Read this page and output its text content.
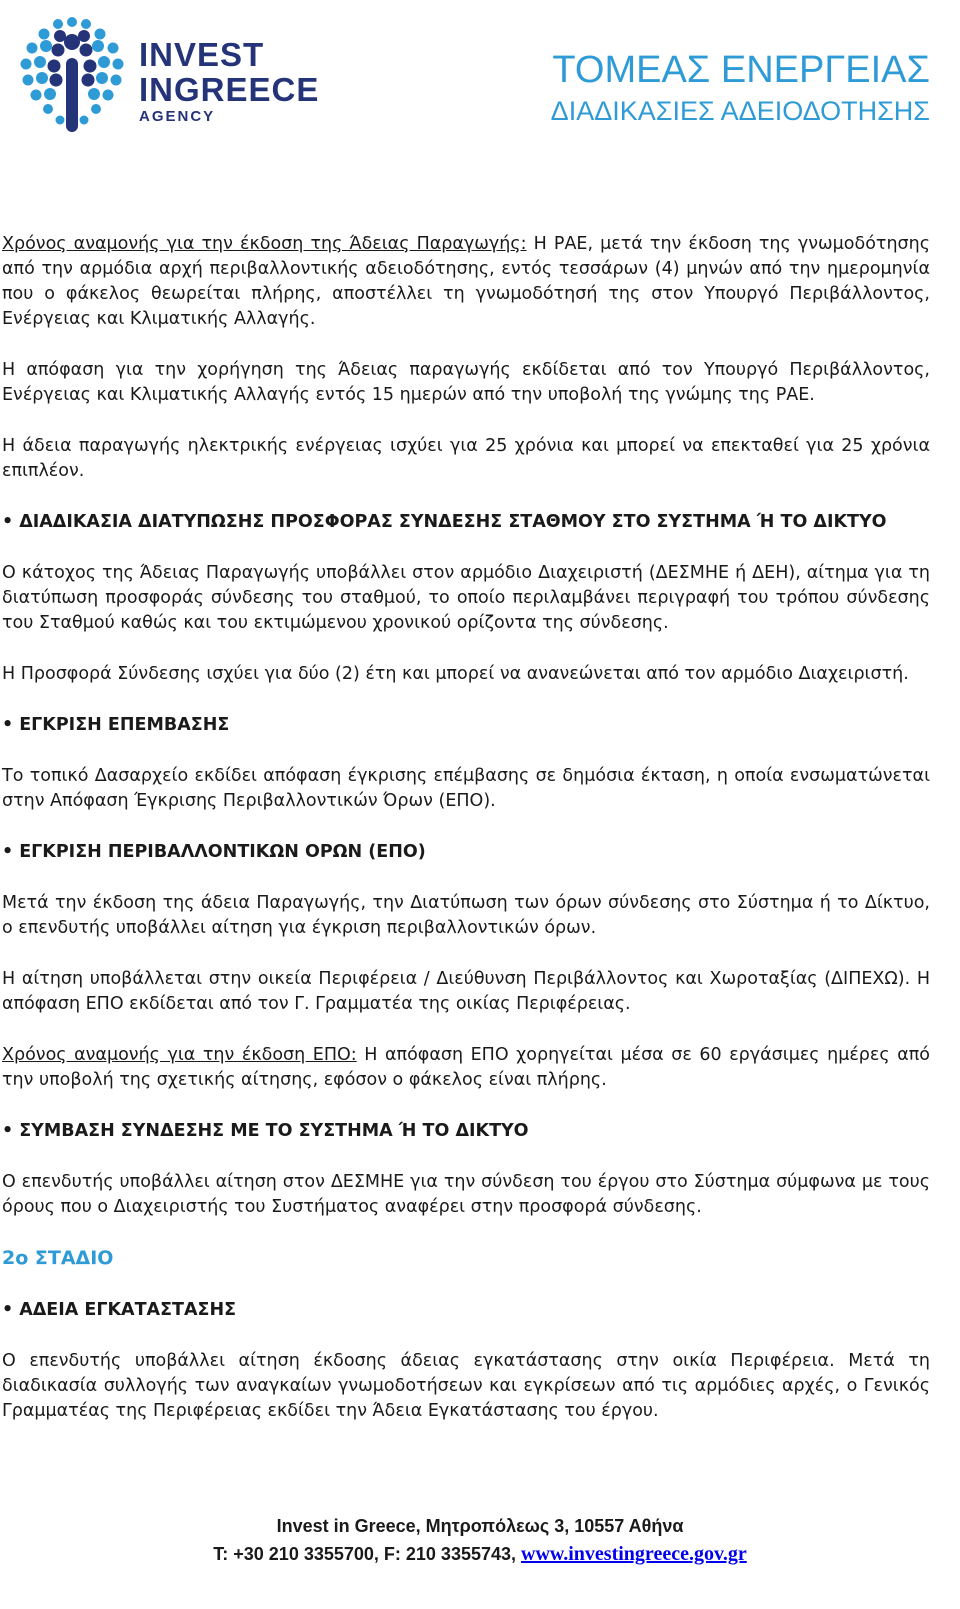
INVEST
INGREECE
AGENCY
ΤΟΜΕΑΣ ΕΝΕΡΓΕΙΑΣ
ΔΙΑΔΙΚΑΣΙΕΣ ΑΔΕΙΟΔΟΤΗΣΗΣ

Χρόνος αναμονής για την έκδοση της Άδειας Παραγωγής: Η ΡΑΕ, μετά την έκδοση της γνωμοδότησης από την αρμόδια αρχή περιβαλλοντικής αδειοδότησης, εντός τεσσάρων (4) μηνών από την ημερομηνία που ο φάκελος θεωρείται πλήρης, αποστέλλει τη γνωμοδότησή της στον Υπουργό Περιβάλλοντος, Ενέργειας και Κλιματικής Αλλαγής.

Η απόφαση για την χορήγηση της Άδειας παραγωγής εκδίδεται από τον Υπουργό Περιβάλλοντος, Ενέργειας και Κλιματικής Αλλαγής εντός 15 ημερών από την υποβολή της γνώμης της ΡΑΕ.

Η άδεια παραγωγής ηλεκτρικής ενέργειας ισχύει για 25 χρόνια και μπορεί να επεκταθεί για 25 χρόνια επιπλέον.

• ΔΙΑΔΙΚΑΣΙΑ ΔΙΑΤΥΠΩΣΗΣ ΠΡΟΣΦΟΡΑΣ ΣΥΝΔΕΣΗΣ ΣΤΑΘΜΟΥ ΣΤΟ ΣΥΣΤΗΜΑ Ή ΤΟ ΔΙΚΤΥΟ

Ο κάτοχος της Άδειας Παραγωγής υποβάλλει στον αρμόδιο Διαχειριστή (ΔΕΣΜΗΕ ή ΔΕΗ), αίτημα για τη διατύπωση προσφοράς σύνδεσης του σταθμού, το οποίο περιλαμβάνει περιγραφή του τρόπου σύνδεσης του Σταθμού καθώς και του εκτιμώμενου χρονικού ορίζοντα της σύνδεσης.

Η Προσφορά Σύνδεσης ισχύει για δύο (2) έτη και μπορεί να ανανεώνεται από τον αρμόδιο Διαχειριστή.

• ΕΓΚΡΙΣΗ ΕΠΕΜΒΑΣΗΣ

Το τοπικό Δασαρχείο εκδίδει απόφαση έγκρισης επέμβασης σε δημόσια έκταση, η οποία ενσωματώνεται στην Απόφαση Έγκρισης Περιβαλλοντικών Όρων (ΕΠΟ).

• ΕΓΚΡΙΣΗ ΠΕΡΙΒΑΛΛΟΝΤΙΚΩΝ ΟΡΩΝ (ΕΠΟ)

Μετά την έκδοση της άδεια Παραγωγής, την Διατύπωση των όρων σύνδεσης στο Σύστημα ή το Δίκτυο, ο επενδυτής υποβάλλει αίτηση για έγκριση περιβαλλοντικών όρων.

Η αίτηση υποβάλλεται στην οικεία Περιφέρεια / Διεύθυνση Περιβάλλοντος και Χωροταξίας (ΔΙΠΕΧΩ). Η απόφαση ΕΠΟ εκδίδεται από τον Γ. Γραμματέα της οικίας Περιφέρειας.

Χρόνος αναμονής για την έκδοση ΕΠΟ: Η απόφαση ΕΠΟ χορηγείται μέσα σε 60 εργάσιμες ημέρες από την υποβολή της σχετικής αίτησης, εφόσον ο φάκελος είναι πλήρης.

• ΣΥΜΒΑΣΗ ΣΥΝΔΕΣΗΣ ΜΕ ΤΟ ΣΥΣΤΗΜΑ Ή ΤΟ ΔΙΚΤΥΟ

Ο επενδυτής υποβάλλει αίτηση στον ΔΕΣΜΗΕ για την σύνδεση του έργου στο Σύστημα σύμφωνα με τους όρους που ο Διαχειριστής του Συστήματος αναφέρει στην προσφορά σύνδεσης.

2ο ΣΤΑΔΙΟ
• ΑΔΕΙΑ ΕΓΚΑΤΑΣΤΑΣΗΣ

Ο επενδυτής υποβάλλει αίτηση έκδοσης άδειας εγκατάστασης στην οικία Περιφέρεια. Μετά τη διαδικασία συλλογής των αναγκαίων γνωμοδοτήσεων και εγκρίσεων από τις αρμόδιες αρχές, ο Γενικός Γραμματέας της Περιφέρειας εκδίδει την Άδεια Εγκατάστασης του έργου.

Invest in Greece, Μητροπόλεως 3, 10557 Αθήνα
T: +30 210 3355700, F: 210 3355743, www.investingreece.gov.gr
